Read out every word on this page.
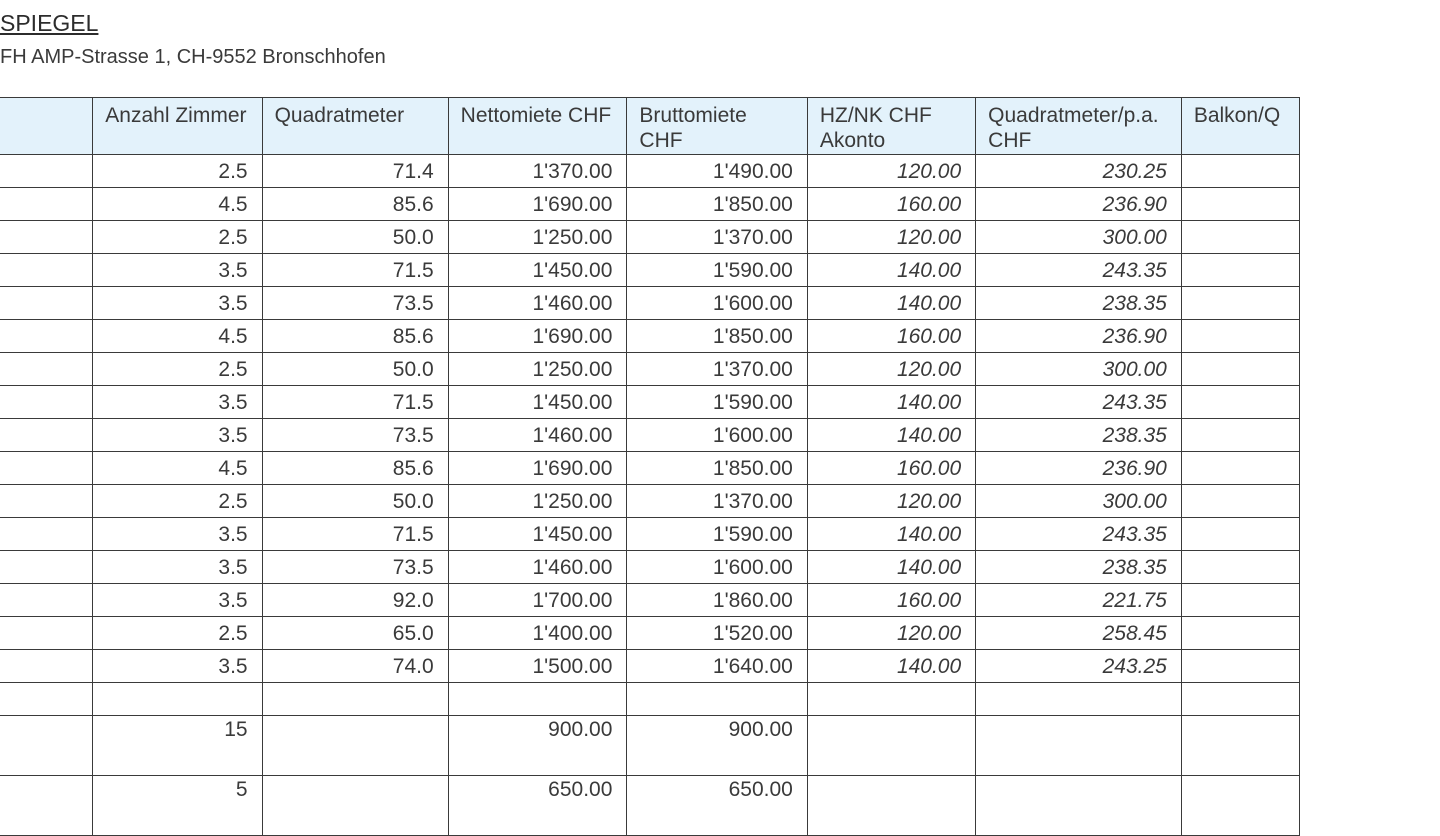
SPIEGEL

FH AMP-Strasse 1, CH-9552 Bronschhofen

	Anzahl Zimmer	Quadratmeter	Nettomiete CHF	Bruttomiete CHF	HZ/NK CHF Akonto	Quadratmeter/p.a. CHF	Balkon/Q
	2.5	71.4	1'370.00	1'490.00	120.00	230.25	
	4.5	85.6	1'690.00	1'850.00	160.00	236.90	
	2.5	50.0	1'250.00	1'370.00	120.00	300.00	
	3.5	71.5	1'450.00	1'590.00	140.00	243.35	
	3.5	73.5	1'460.00	1'600.00	140.00	238.35	
	4.5	85.6	1'690.00	1'850.00	160.00	236.90	
	2.5	50.0	1'250.00	1'370.00	120.00	300.00	
	3.5	71.5	1'450.00	1'590.00	140.00	243.35	
	3.5	73.5	1'460.00	1'600.00	140.00	238.35	
	4.5	85.6	1'690.00	1'850.00	160.00	236.90	
	2.5	50.0	1'250.00	1'370.00	120.00	300.00	
	3.5	71.5	1'450.00	1'590.00	140.00	243.35	
	3.5	73.5	1'460.00	1'600.00	140.00	238.35	
	3.5	92.0	1'700.00	1'860.00	160.00	221.75	
	2.5	65.0	1'400.00	1'520.00	120.00	258.45	
	3.5	74.0	1'500.00	1'640.00	140.00	243.25	

	15		900.00	900.00			
	5		650.00	650.00			
